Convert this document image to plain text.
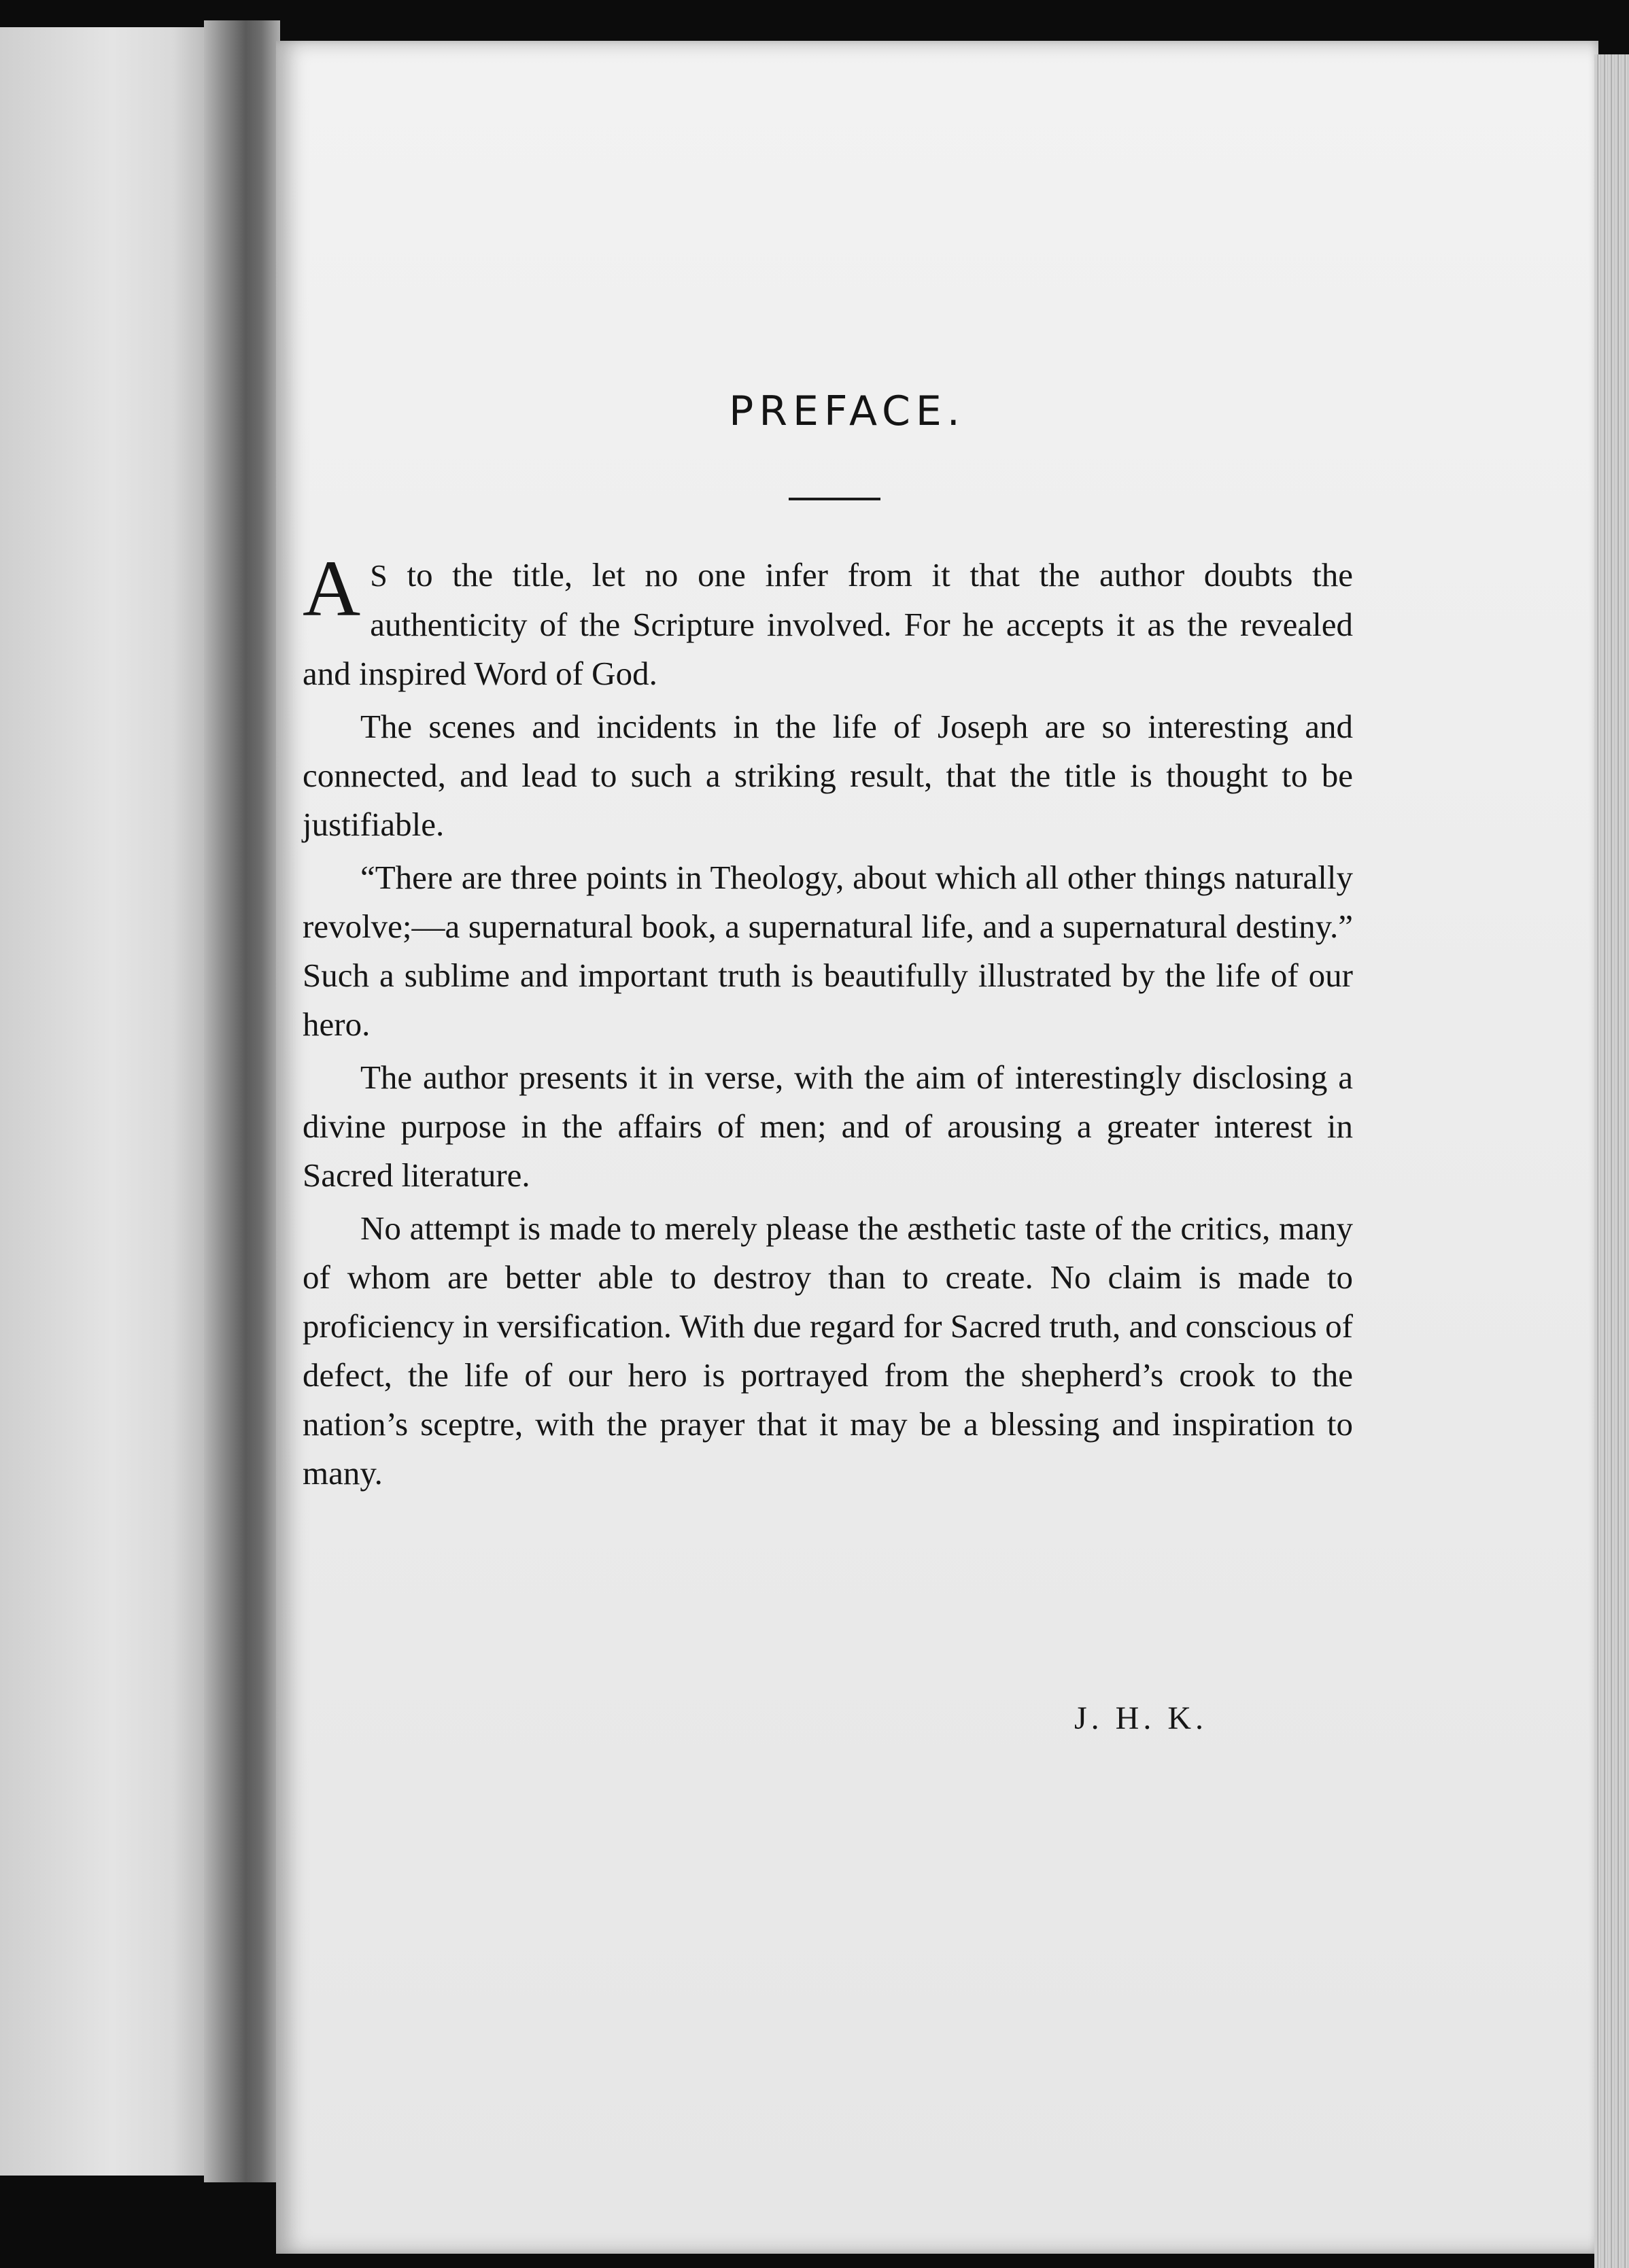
PREFACE.

A S to the title, let no one infer from it that the author doubts the authenticity of the Scripture involved. For he accepts it as the revealed and inspired Word of God.

The scenes and incidents in the life of Joseph are so interesting and connected, and lead to such a striking result, that the title is thought to be justifiable.

“There are three points in Theology, about which all other things naturally revolve;—a supernatural book, a supernatural life, and a supernatural destiny.” Such a sublime and important truth is beautifully illustrated by the life of our hero.

The author presents it in verse, with the aim of interestingly disclosing a divine purpose in the affairs of men; and of arousing a greater interest in Sacred literature.

No attempt is made to merely please the æsthetic taste of the critics, many of whom are better able to destroy than to create. No claim is made to proficiency in versification. With due regard for Sacred truth, and conscious of defect, the life of our hero is portrayed from the shepherd’s crook to the nation’s sceptre, with the prayer that it may be a blessing and inspiration to many.

J. H. K.
